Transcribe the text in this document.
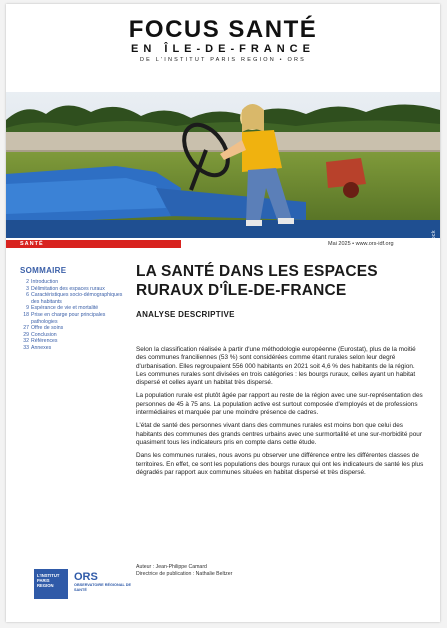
FOCUS SANTÉ
EN ÎLE-DE-FRANCE
DE L'INSTITUT PARIS REGION • ORS
Adobe Stock
SANTÉ	Mai 2025 • www.ors-idf.org
SOMMAIRE
2 Introduction
3 Délimitation des espaces ruraux
6 Caractéristiques socio-démographiques des habitants
9 Espérance de vie et mortalité
18 Prise en charge pour principales pathologies
27 Offre de soins
29 Conclusion
32 Références
33 Annexes
LA SANTÉ DANS LES ESPACES RURAUX D'ÎLE-DE-FRANCE
ANALYSE DESCRIPTIVE

Selon la classification réalisée à partir d'une méthodologie européenne (Eurostat), plus de la moitié des communes franciliennes (53 %) sont considérées comme étant rurales selon leur degré d'urbanisation. Elles regroupaient 556 000 habitants en 2021 soit 4,6 % des habitants de la région. Les communes rurales sont divisées en trois catégories : les bourgs ruraux, celles ayant un habitat dispersé et celles ayant un habitat très dispersé.

La population rurale est plutôt âgée par rapport au reste de la région avec une sur-représentation des personnes de 45 à 75 ans. La population active est surtout composée d'employés et de professions intermédiaires et marquée par une moindre présence de cadres.

L'état de santé des personnes vivant dans des communes rurales est moins bon que celui des habitants des communes des grands centres urbains avec une surmortalité et une sur-morbidité pour quasiment tous les indicateurs pris en compte dans cette étude.

Dans les communes rurales, nous avons pu observer une différence entre les différentes classes de territoires. En effet, ce sont les populations des bourgs ruraux qui ont les indicateurs de santé les plus dégradés par rapport aux communes situées en habitat dispersé et très dispersé.

Auteur : Jean-Philippe Camard
Directrice de publication : Nathalie Beltzer
L'INSTITUT PARIS REGION
ORS
OBSERVATOIRE RÉGIONAL DE SANTÉ
